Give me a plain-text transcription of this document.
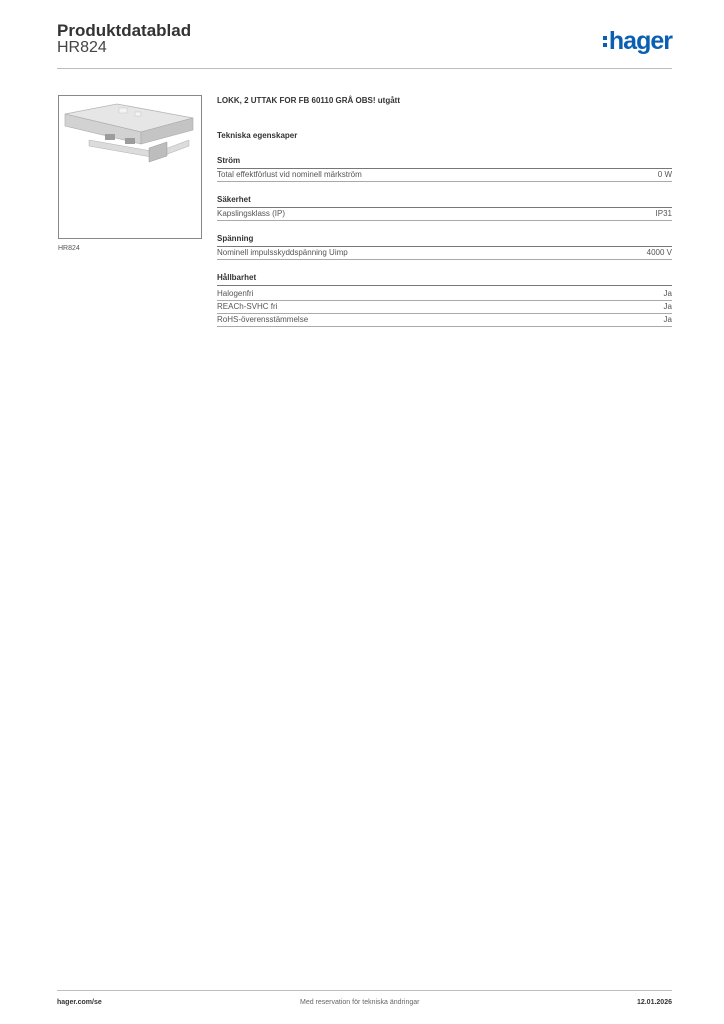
Produktdatablad
HR824	hager
HR824
LOKK, 2 UTTAK FOR FB 60110 GRÅ OBS! utgått
Tekniska egenskaper
Ström
Total effektförlust vid nominell märkström	0 W
Säkerhet
Kapslingsklass (IP)	IP31
Spänning
Nominell impulsskyddspänning Uimp	4000 V
Hållbarhet
Halogenfri	Ja
REACh-SVHC fri	Ja
RoHS-överensstämmelse	Ja
hager.com/se	Med reservation för tekniska ändringar	12.01.2026
